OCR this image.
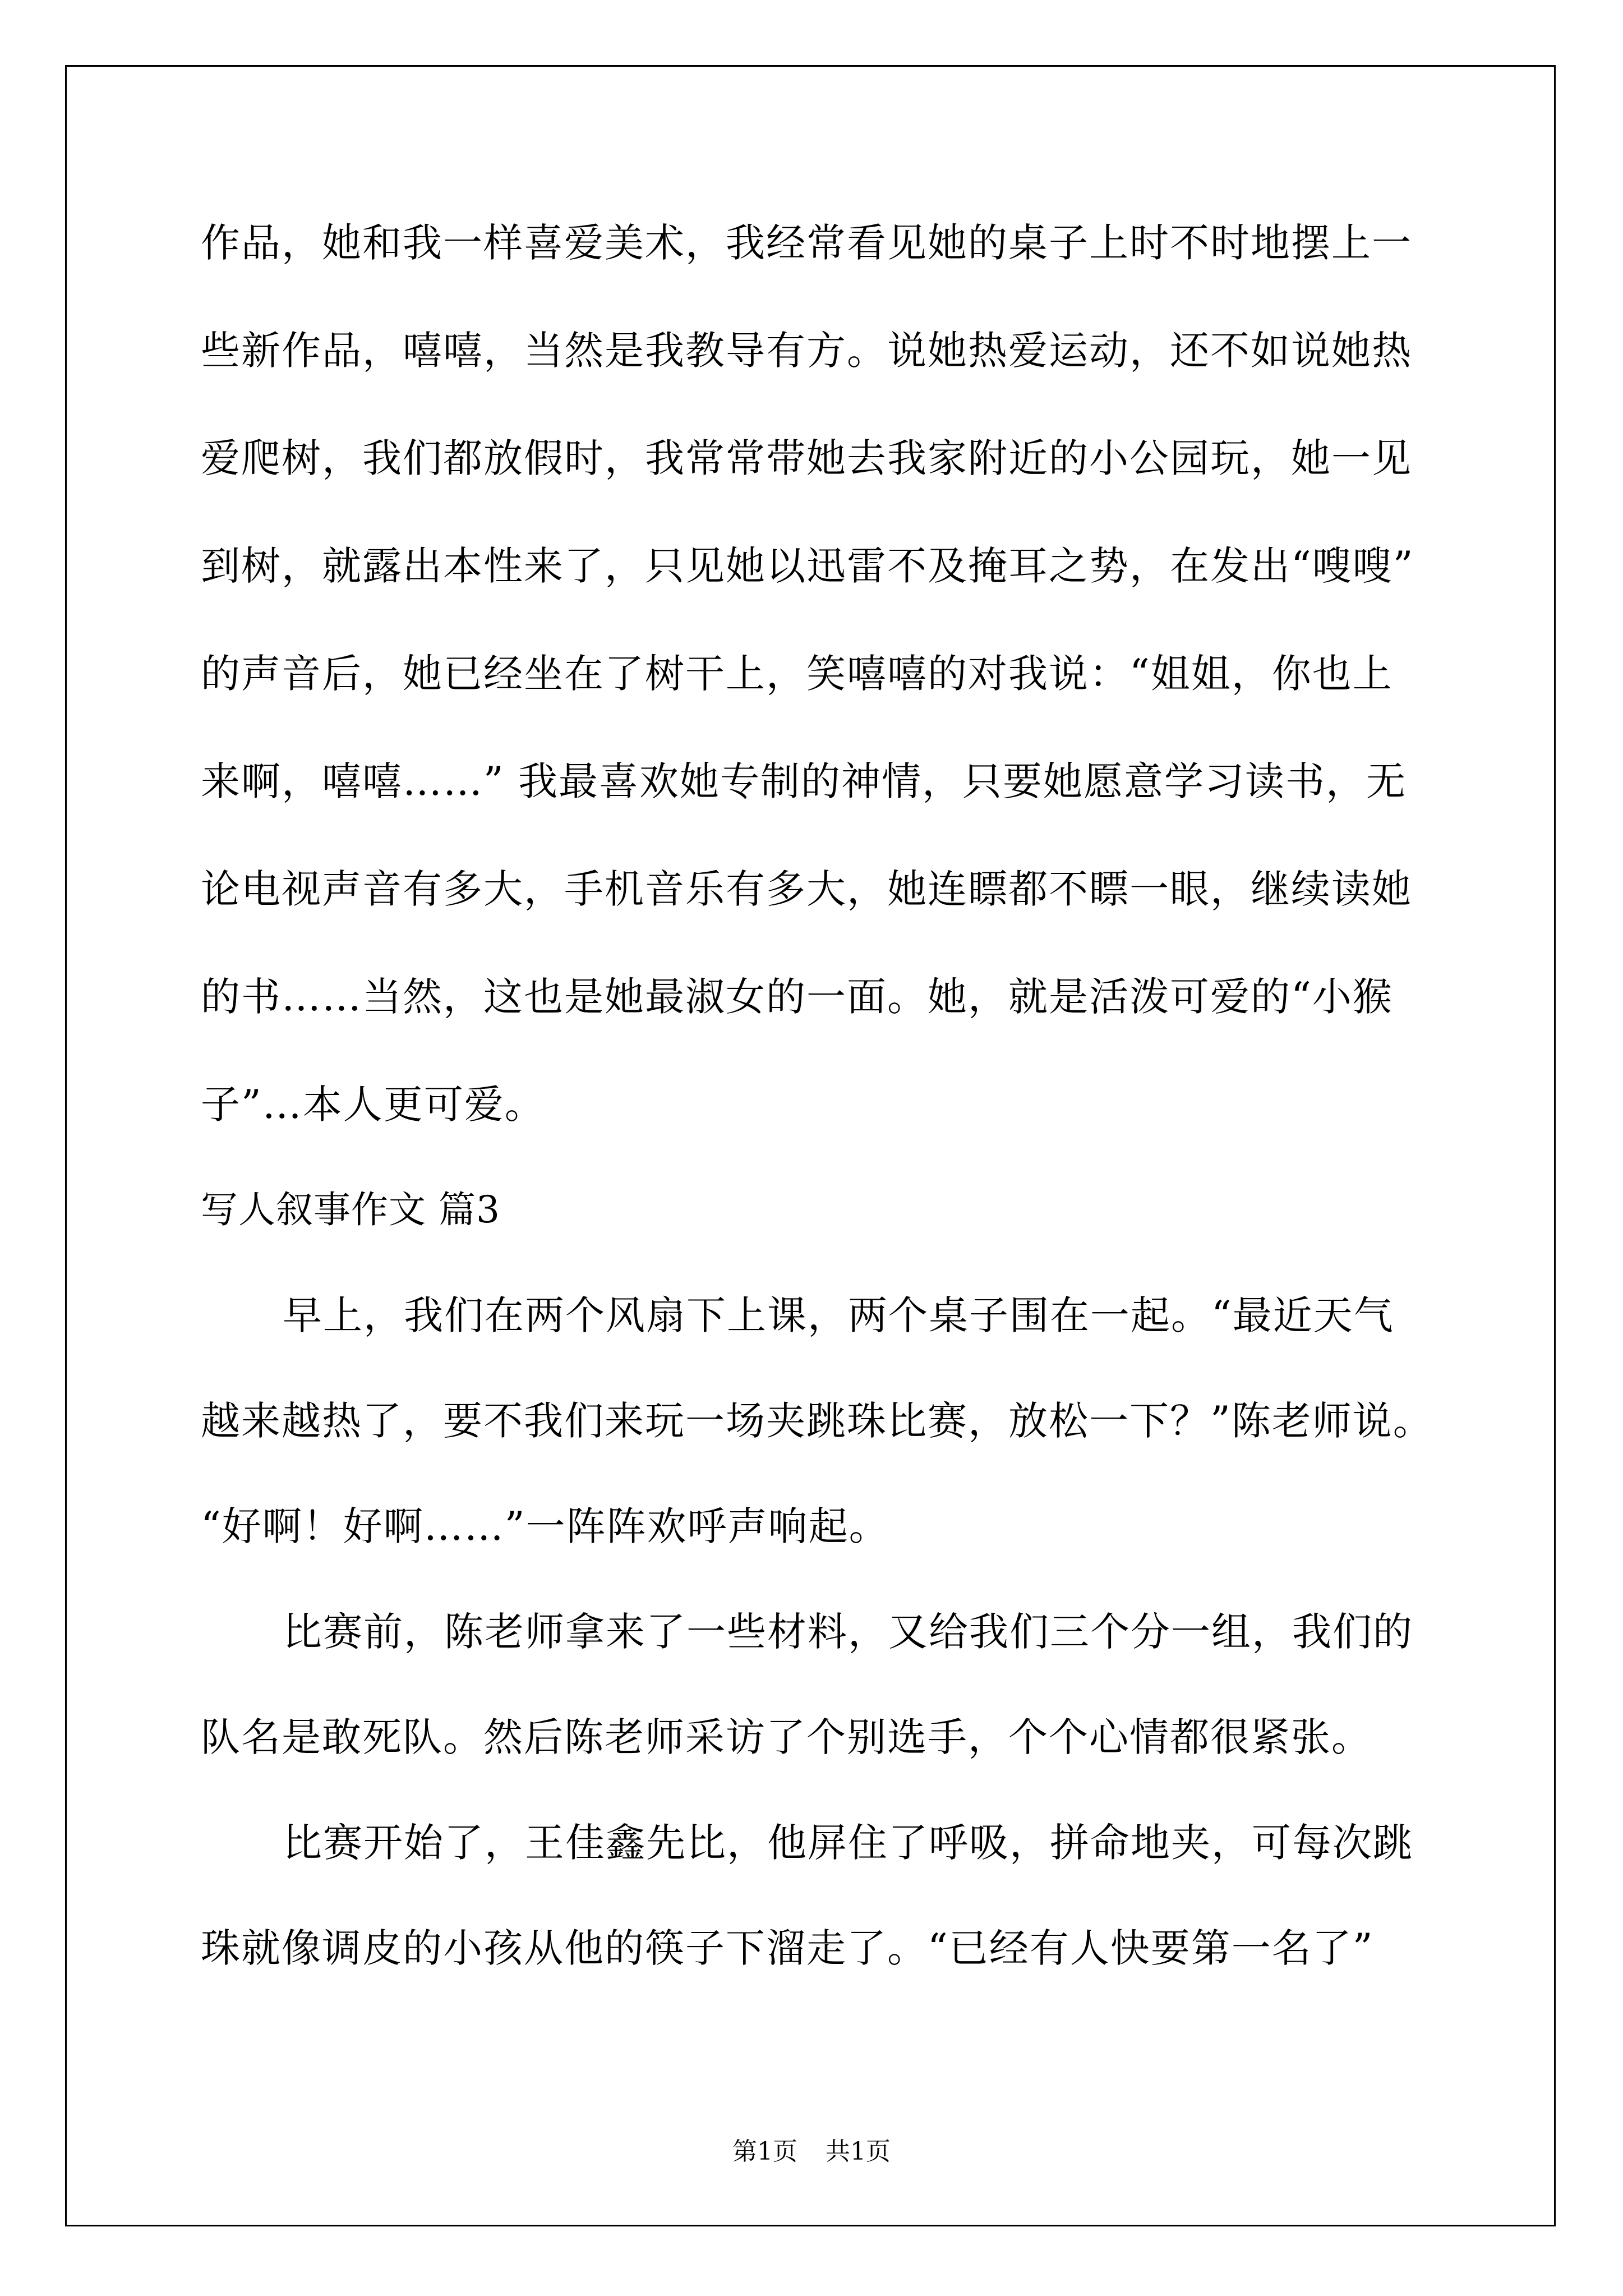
作品，她和我一样喜爱美术，我经常看见她的桌子上时不时地摆上一
些新作品，嘻嘻，当然是我教导有方。说她热爱运动，还不如说她热
爱爬树，我们都放假时，我常常带她去我家附近的小公园玩，她一见
到树，就露出本性来了，只见她以迅雷不及掩耳之势，在发出“嗖嗖”
的声音后，她已经坐在了树干上，笑嘻嘻的对我说：“姐姐，你也上
来啊，嘻嘻……” 我最喜欢她专制的神情，只要她愿意学习读书，无
论电视声音有多大，手机音乐有多大，她连瞟都不瞟一眼，继续读她
的书……当然，这也是她最淑女的一面。她，就是活泼可爱的“小猴
子”…本人更可爱。
写人叙事作文 篇3
早上，我们在两个风扇下上课，两个桌子围在一起。“最近天气
越来越热了，要不我们来玩一场夹跳珠比赛，放松一下？”陈老师说。
“好啊！好啊……”一阵阵欢呼声响起。
比赛前，陈老师拿来了一些材料，又给我们三个分一组，我们的
队名是敢死队。然后陈老师采访了个别选手，个个心情都很紧张。
比赛开始了，王佳鑫先比，他屏住了呼吸，拼命地夹，可每次跳
珠就像调皮的小孩从他的筷子下溜走了。“已经有人快要第一名了”
第1页 共1页
